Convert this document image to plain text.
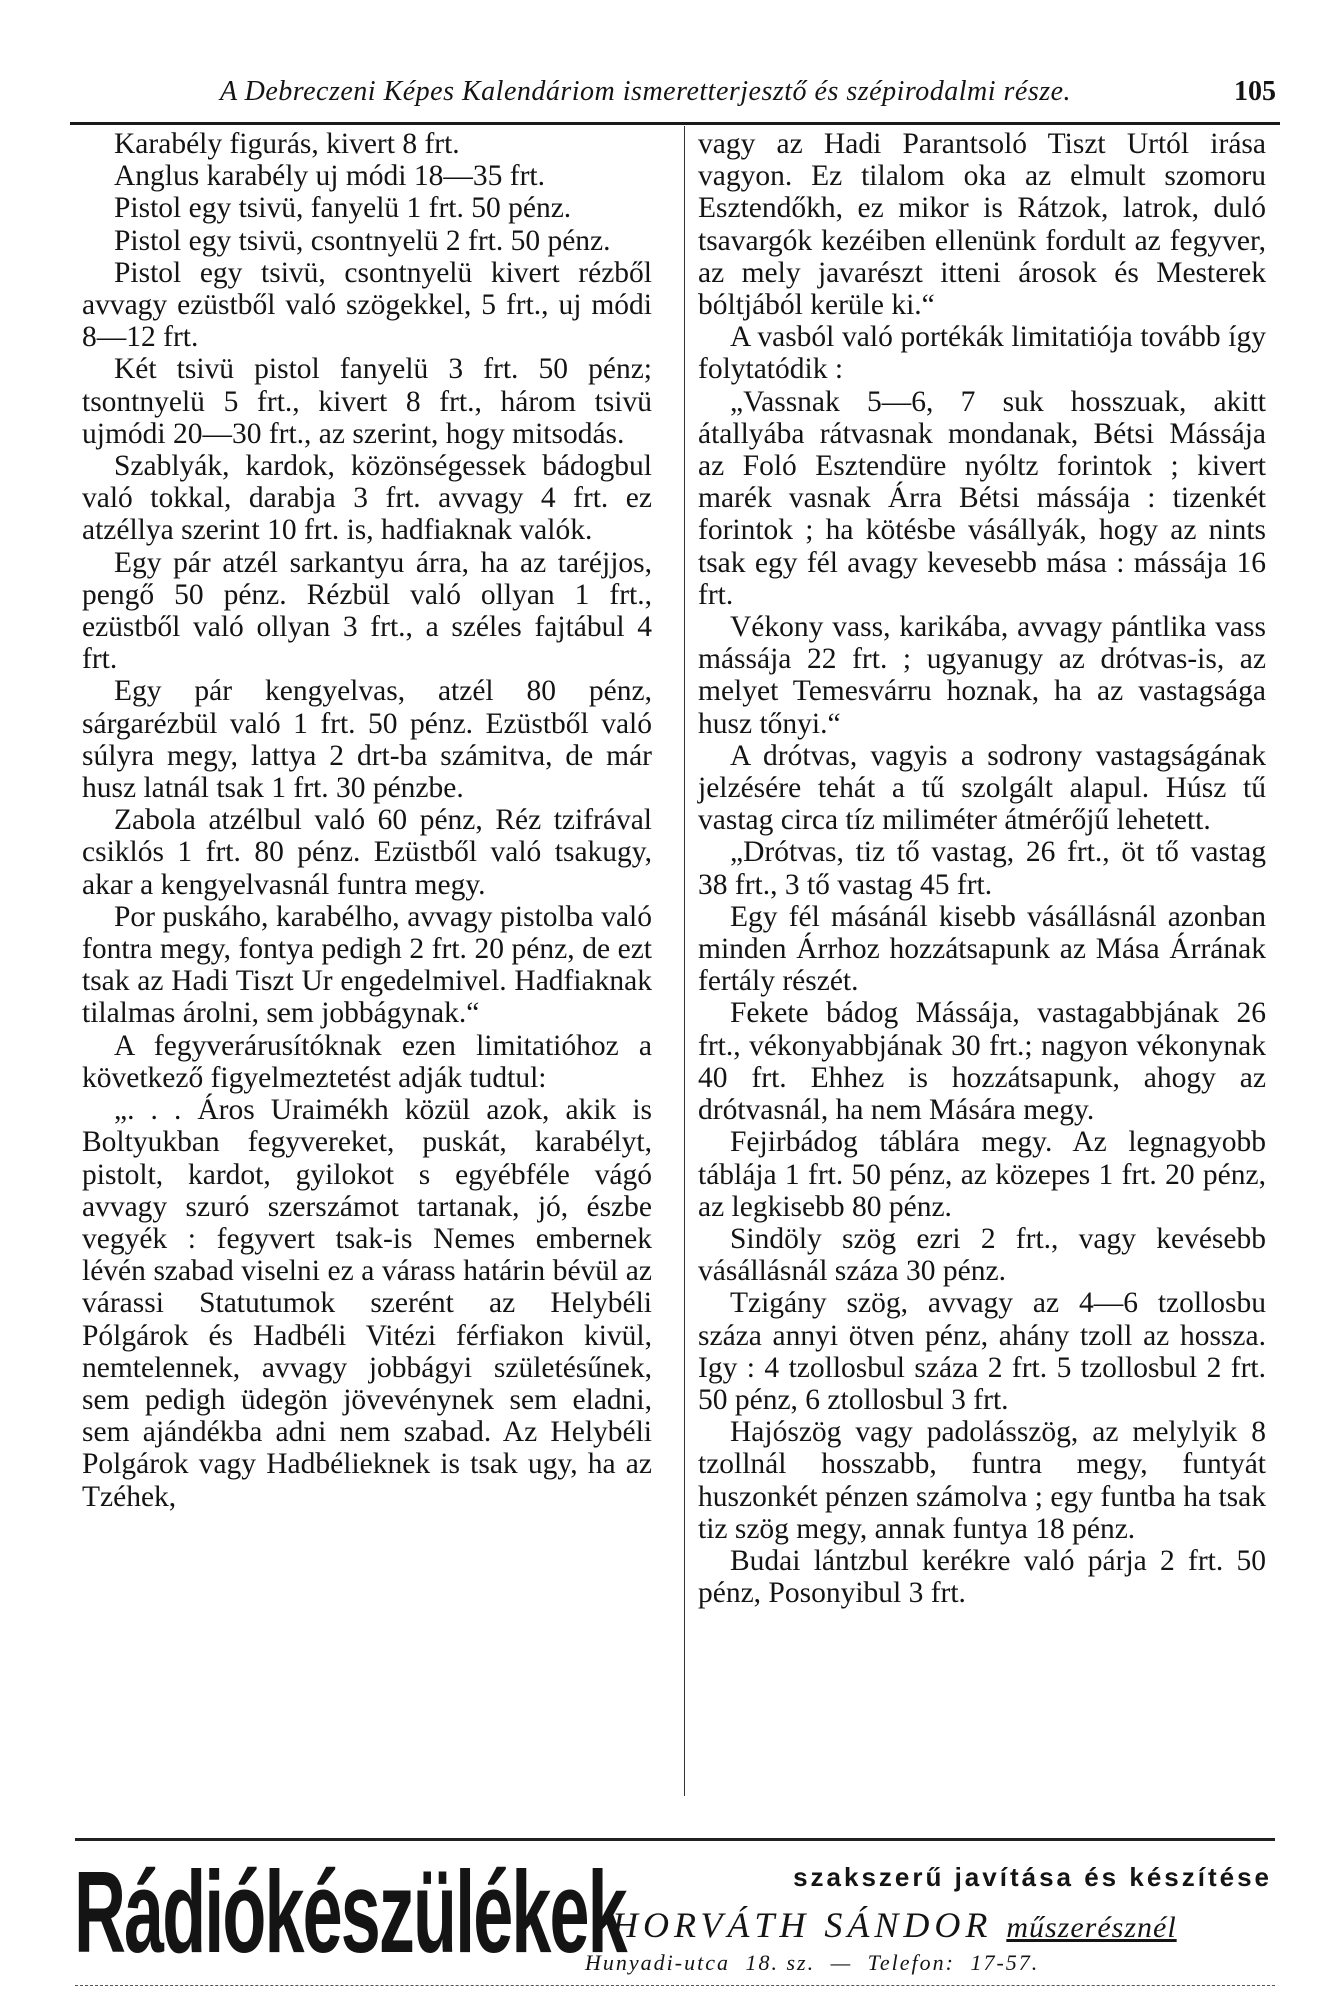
A Debreczeni Képes Kalendáriom ismeretterjesztő és szépirodalmi része.	105

Karabély figurás, kivert 8 frt.

Anglus karabély uj módi 18—35 frt.

Pistol egy tsivü, fanyelü 1 frt. 50 pénz.

Pistol egy tsivü, csontnyelü 2 frt. 50 pénz.

Pistol egy tsivü, csontnyelü kivert rézből avvagy ezüstből való szögekkel, 5 frt., uj módi 8—12 frt.

Két tsivü pistol fanyelü 3 frt. 50 pénz; tsontnyelü 5 frt., kivert 8 frt., három tsivü ujmódi 20—30 frt., az szerint, hogy mitsodás.

Szablyák, kardok, közönségessek bádogbul való tokkal, darabja 3 frt. avvagy 4 frt. ez atzéllya szerint 10 frt. is, hadfiaknak valók.

Egy pár atzél sarkantyu árra, ha az taréjjos, pengő 50 pénz. Rézbül való ollyan 1 frt., ezüstből való ollyan 3 frt., a széles fajtábul 4 frt.

Egy pár kengyelvas, atzél 80 pénz, sárgarézbül való 1 frt. 50 pénz. Ezüstből való súlyra megy, lattya 2 drt-ba számitva, de már husz latnál tsak 1 frt. 30 pénzbe.

Zabola atzélbul való 60 pénz, Réz tzifrával csiklós 1 frt. 80 pénz. Ezüstből való tsakugy, akar a kengyelvasnál funtra megy.

Por puskáho, karabélho, avvagy pistolba való fontra megy, fontya pedigh 2 frt. 20 pénz, de ezt tsak az Hadi Tiszt Ur engedelmivel. Hadfiaknak tilalmas árolni, sem jobbágynak.“

A fegyverárusítóknak ezen limitatióhoz a következő figyelmeztetést adják tudtul:

„. . . Áros Uraimékh közül azok, akik is Boltyukban fegyvereket, puskát, karabélyt, pistolt, kardot, gyilokot s egyébféle vágó avvagy szuró szerszámot tartanak, jó, észbe vegyék : fegyvert tsak-is Nemes embernek lévén szabad viselni ez a várass határin bévül az várassi Statutumok szerént az Helybéli Pólgárok és Hadbéli Vitézi férfiakon kivül, nemtelennek, avvagy jobbágyi születésűnek, sem pedigh üdegön jövevénynek sem eladni, sem ajándékba adni nem szabad. Az Helybéli Polgárok vagy Hadbélieknek is tsak ugy, ha az Tzéhek,

vagy az Hadi Parantsoló Tiszt Urtól irása vagyon. Ez tilalom oka az elmult szomoru Esztendőkh, ez mikor is Rátzok, latrok, duló tsavargók kezéiben ellenünk fordult az fegyver, az mely javarészt itteni árosok és Mesterek bóltjából kerüle ki.“

A vasból való portékák limitatiója tovább így folytatódik :

„Vassnak 5—6, 7 suk hosszuak, akitt átallyába rátvasnak mondanak, Bétsi Mássája az Foló Esztendüre nyóltz forintok ; kivert marék vasnak Árra Bétsi mássája : tizenkét forintok ; ha kötésbe vásállyák, hogy az nints tsak egy fél avagy kevesebb mása : mássája 16 frt.

Vékony vass, karikába, avvagy pántlika vass mássája 22 frt. ; ugyanugy az drótvas-is, az melyet Temesvárru hoznak, ha az vastagsága husz tőnyi.“

A drótvas, vagyis a sodrony vastagságának jelzésére tehát a tű szolgált alapul. Húsz tű vastag circa tíz miliméter átmérőjű lehetett.

„Drótvas, tiz tő vastag, 26 frt., öt tő vastag 38 frt., 3 tő vastag 45 frt.

Egy fél másánál kisebb vásállásnál azonban minden Árrhoz hozzátsapunk az Mása Árrának fertály részét.

Fekete bádog Mássája, vastagabbjának 26 frt., vékonyabbjának 30 frt.; nagyon vékonynak 40 frt. Ehhez is hozzátsapunk, ahogy az drótvasnál, ha nem Mására megy.

Fejirbádog táblára megy. Az legnagyobb táblája 1 frt. 50 pénz, az közepes 1 frt. 20 pénz, az legkisebb 80 pénz.

Sindöly szög ezri 2 frt., vagy kevésebb vásállásnál száza 30 pénz.

Tzigány szög, avvagy az 4—6 tzollosbu száza annyi ötven pénz, ahány tzoll az hossza. Igy : 4 tzollosbul száza 2 frt. 5 tzollosbul 2 frt. 50 pénz, 6 ztollosbul 3 frt.

Hajószög vagy padolásszög, az melylyik 8 tzollnál hosszabb, funtra megy, funtyát huszonkét pénzen számolva ; egy funtba ha tsak tiz szög megy, annak funtya 18 pénz.

Budai lántzbul kerékre való párja 2 frt. 50 pénz, Posonyibul 3 frt.

Rádiókészülékek	szakszerű javítása és készítése
HORVÁTH SÁNDOR műszerésznél
Hunyadi-utca 18. sz. — Telefon: 17-57.
